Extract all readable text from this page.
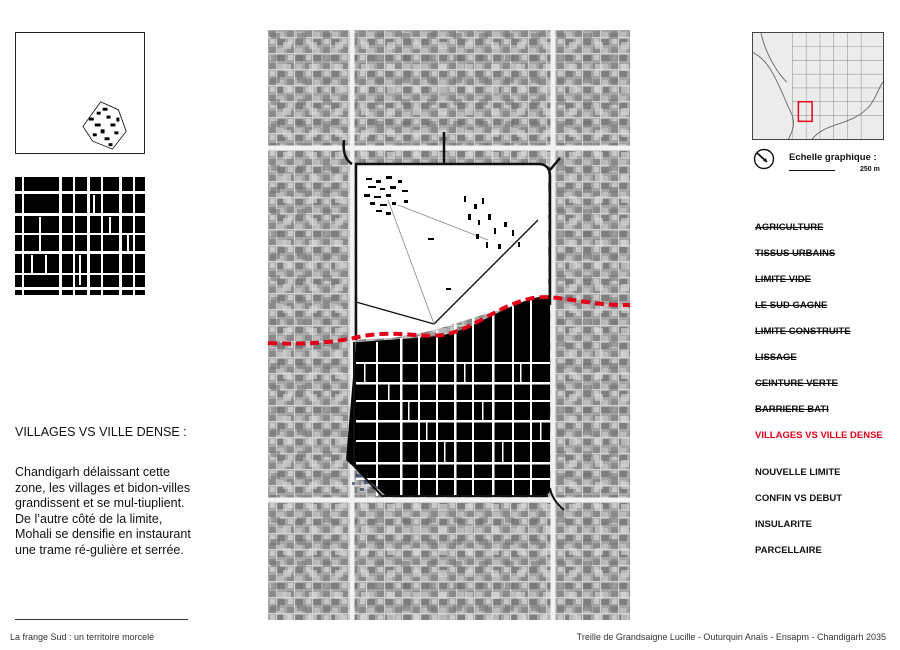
VILLAGES VS VILLE DENSE :
Chandigarh délaissant cette zone, les villages et bidon-villes grandissent et se mul-tiuplient. De l’autre côté de la limite, Mohali se densifie en instaurant une trame ré-gulière et serrée.
Echelle graphique :
250 m
AGRICULTURE
TISSUS URBAINS
LIMITE VIDE
LE SUD GAGNE
LIMITE CONSTRUITE
LISSAGE
CEINTURE VERTE
BARRIERE BATI
VILLAGES VS VILLE DENSE
NOUVELLE LIMITE
CONFIN VS DEBUT
INSULARITE
PARCELLAIRE
La frange Sud : un territoire morcelé	Treille de Grandsaigne Lucille - Outurquin Anaïs - Ensapm - Chandigarh 2035
